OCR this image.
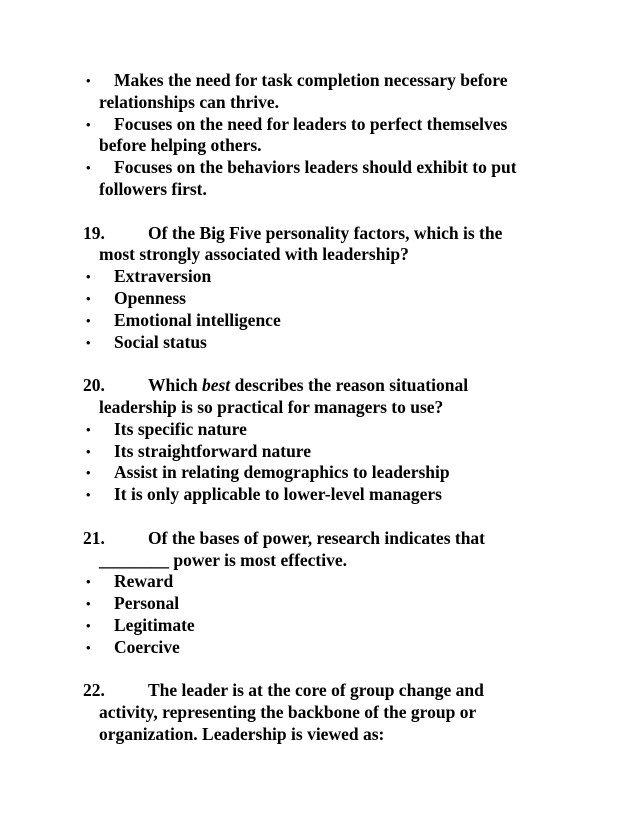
• Makes the need for task completion necessary before
relationships can thrive.
• Focuses on the need for leaders to perfect themselves
before helping others.
• Focuses on the behaviors leaders should exhibit to put
followers first.
19. Of the Big Five personality factors, which is the
most strongly associated with leadership?
• Extraversion
• Openness
• Emotional intelligence
• Social status
20. Which best describes the reason situational
leadership is so practical for managers to use?
• Its specific nature
• Its straightforward nature
• Assist in relating demographics to leadership
• It is only applicable to lower-level managers
21. Of the bases of power, research indicates that
________ power is most effective.
• Reward
• Personal
• Legitimate
• Coercive
22. The leader is at the core of group change and
activity, representing the backbone of the group or
organization. Leadership is viewed as:
